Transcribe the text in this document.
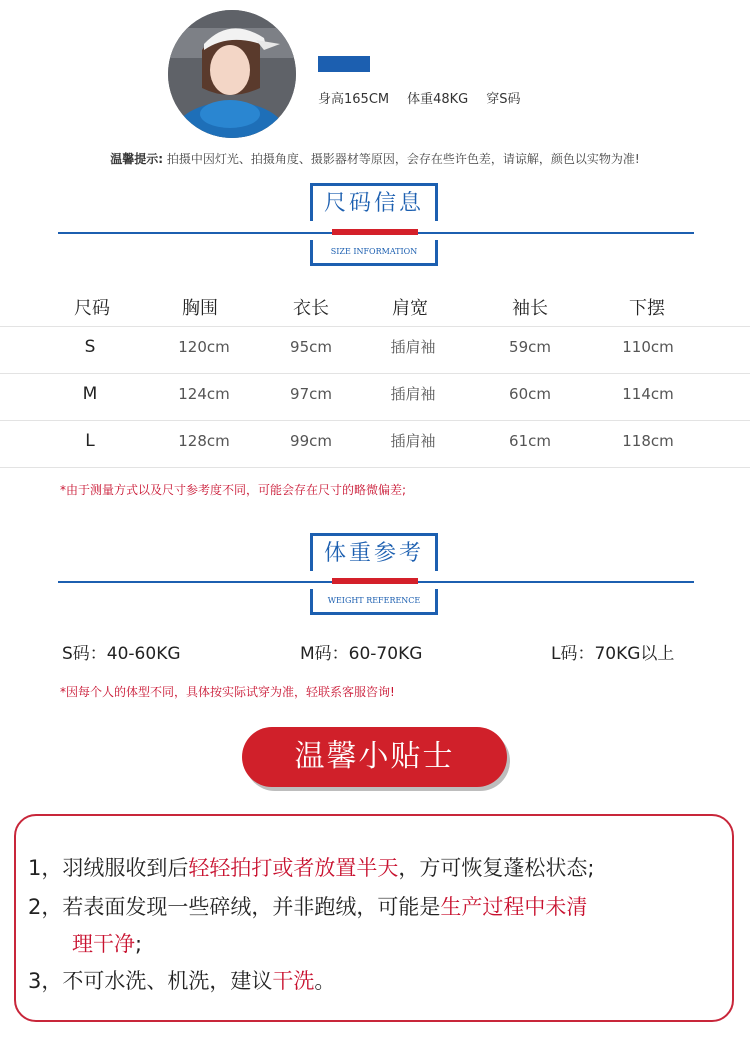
身高165CM 体重48KG 穿S码
温馨提示: 拍摄中因灯光、拍摄角度、摄影器材等原因，会存在些许色差，请谅解，颜色以实物为准!
尺码信息
SIZE INFORMATION
尺码	胸围	衣长	肩宽	袖长	下摆
S	120cm	95cm	插肩袖	59cm	110cm
M	124cm	97cm	插肩袖	60cm	114cm
L	128cm	99cm	插肩袖	61cm	118cm
*由于测量方式以及尺寸参考度不同，可能会存在尺寸的略微偏差;
体重参考
WEIGHT REFERENCE
S码：40-60KG	M码：60-70KG	L码：70KG以上
*因每个人的体型不同，具体按实际试穿为准，轻联系客服咨询!
温馨小贴士
1，羽绒服收到后轻轻拍打或者放置半天，方可恢复蓬松状态;
2，若表面发现一些碎绒，并非跑绒，可能是生产过程中未清
理干净;
3，不可水洗、机洗，建议干洗。
